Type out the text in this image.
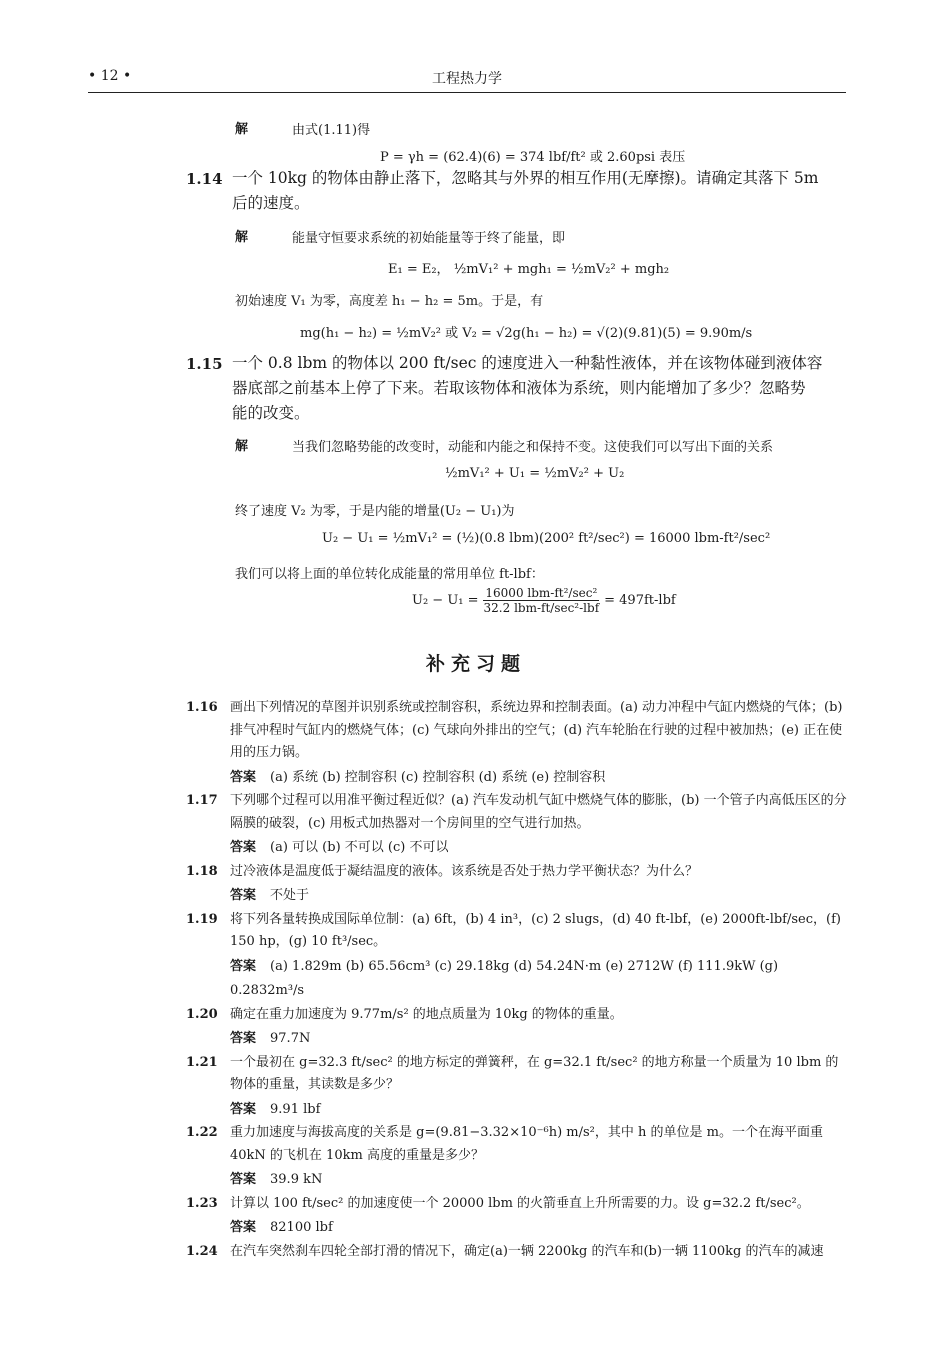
• 12 •	工程热力学
解	由式(1.11)得
P = γh = (62.4)(6) = 374 lbf/ft² 或 2.60psi 表压
1.14 一个 10kg 的物体由静止落下，忽略其与外界的相互作用(无摩擦)。请确定其落下 5m
后的速度。
解	能量守恒要求系统的初始能量等于终了能量，即
E₁ = E₂， ½mV₁² + mgh₁ = ½mV₂² + mgh₂
初始速度 V₁ 为零，高度差 h₁ − h₂ = 5m。于是，有
mg(h₁ − h₂) = ½mV₂² 或 V₂ = √2g(h₁ − h₂) = √(2)(9.81)(5) = 9.90m/s
1.15 一个 0.8 lbm 的物体以 200 ft/sec 的速度进入一种黏性液体，并在该物体碰到液体容
器底部之前基本上停了下来。若取该物体和液体为系统，则内能增加了多少？忽略势
能的改变。
解	当我们忽略势能的改变时，动能和内能之和保持不变。这使我们可以写出下面的关系
½mV₁² + U₁ = ½mV₂² + U₂
终了速度 V₂ 为零，于是内能的增量(U₂ − U₁)为
U₂ − U₁ = ½mV₁² = (½)(0.8 lbm)(200² ft²/sec²) = 16000 lbm-ft²/sec²
我们可以将上面的单位转化成能量的常用单位 ft-lbf：
U₂ − U₁ = 16000 lbm-ft²/sec²
32.2 lbm-ft/sec²-lbf = 497ft-lbf
补充习题
1.16 画出下列情况的草图并识别系统或控制容积，系统边界和控制表面。(a) 动力冲程中气缸内燃烧的气体；(b) 排气冲程时气缸内的燃烧气体；(c) 气球向外排出的空气；(d) 汽车轮胎在行驶的过程中被加热；(e) 正在使用的压力锅。
答案 (a) 系统 (b) 控制容积 (c) 控制容积 (d) 系统 (e) 控制容积
1.17 下列哪个过程可以用准平衡过程近似？(a) 汽车发动机气缸中燃烧气体的膨胀，(b) 一个管子内高低压区的分隔膜的破裂，(c) 用板式加热器对一个房间里的空气进行加热。
答案 (a) 可以 (b) 不可以 (c) 不可以
1.18 过冷液体是温度低于凝结温度的液体。该系统是否处于热力学平衡状态？为什么？
答案 不处于
1.19 将下列各量转换成国际单位制：(a) 6ft，(b) 4 in³，(c) 2 slugs，(d) 40 ft-lbf，(e) 2000ft-lbf/sec，(f) 150 hp，(g) 10 ft³/sec。
答案 (a) 1.829m (b) 65.56cm³ (c) 29.18kg (d) 54.24N·m (e) 2712W (f) 111.9kW (g) 0.2832m³/s
1.20 确定在重力加速度为 9.77m/s² 的地点质量为 10kg 的物体的重量。
答案 97.7N
1.21 一个最初在 g=32.3 ft/sec² 的地方标定的弹簧秤，在 g=32.1 ft/sec² 的地方称量一个质量为 10 lbm 的物体的重量，其读数是多少？
答案 9.91 lbf
1.22 重力加速度与海拔高度的关系是 g=(9.81−3.32×10⁻⁶h) m/s²，其中 h 的单位是 m。一个在海平面重 40kN 的飞机在 10km 高度的重量是多少？
答案 39.9 kN
1.23 计算以 100 ft/sec² 的加速度使一个 20000 lbm 的火箭垂直上升所需要的力。设 g=32.2 ft/sec²。
答案 82100 lbf
1.24 在汽车突然刹车四轮全部打滑的情况下，确定(a)一辆 2200kg 的汽车和(b)一辆 1100kg 的汽车的减速
